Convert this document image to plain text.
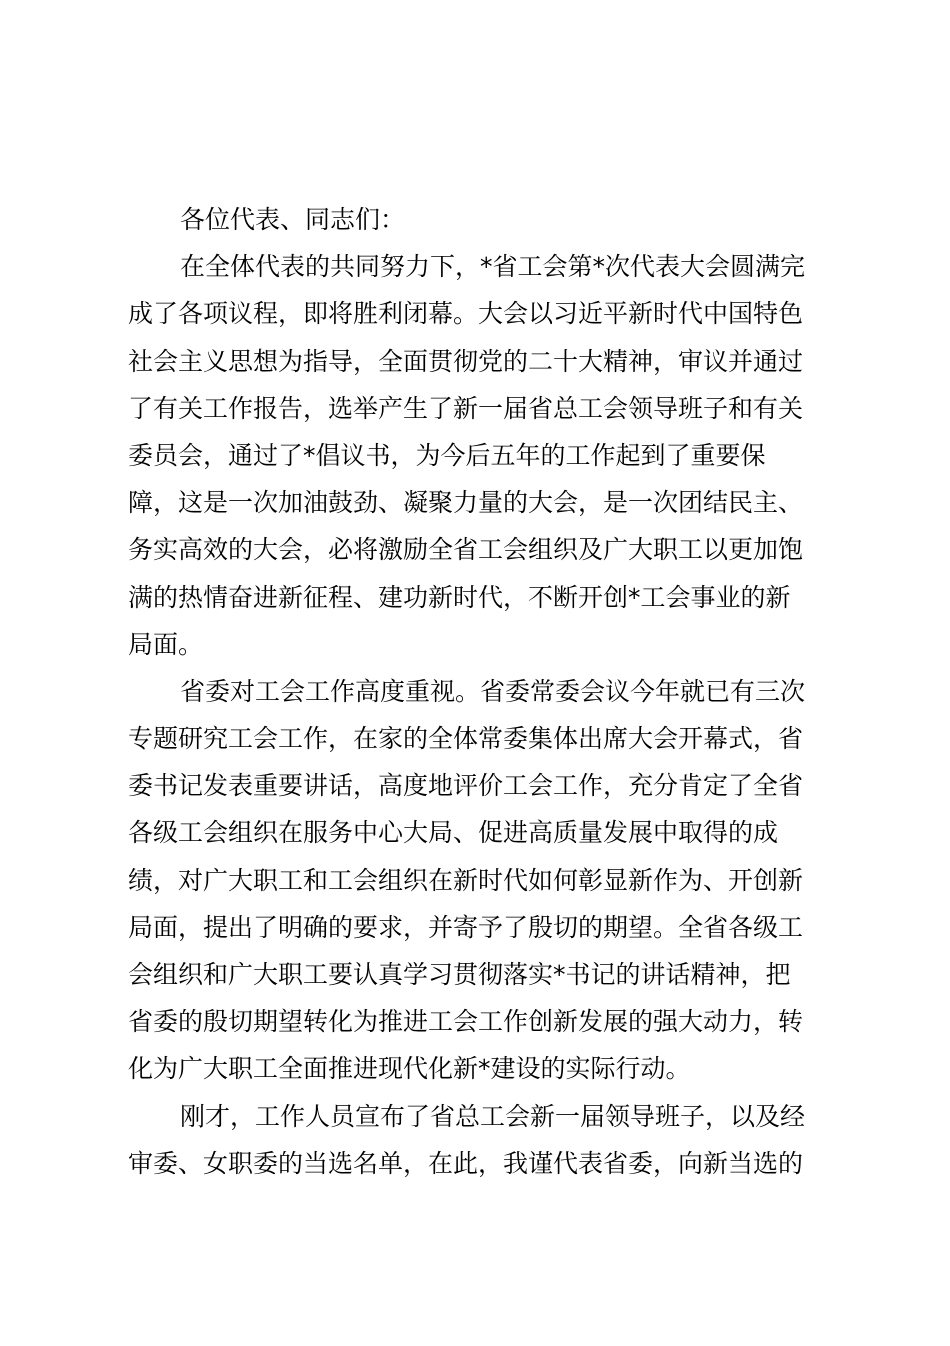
各位代表、同志们：
在全体代表的共同努力下，*省工会第*次代表大会圆满完
成了各项议程，即将胜利闭幕。大会以习近平新时代中国特色
社会主义思想为指导，全面贯彻党的二十大精神，审议并通过
了有关工作报告，选举产生了新一届省总工会领导班子和有关
委员会，通过了*倡议书，为今后五年的工作起到了重要保
障，这是一次加油鼓劲、凝聚力量的大会，是一次团结民主、
务实高效的大会，必将激励全省工会组织及广大职工以更加饱
满的热情奋进新征程、建功新时代，不断开创*工会事业的新
局面。
省委对工会工作高度重视。省委常委会议今年就已有三次
专题研究工会工作，在家的全体常委集体出席大会开幕式，省
委书记发表重要讲话，高度地评价工会工作，充分肯定了全省
各级工会组织在服务中心大局、促进高质量发展中取得的成
绩，对广大职工和工会组织在新时代如何彰显新作为、开创新
局面，提出了明确的要求，并寄予了殷切的期望。全省各级工
会组织和广大职工要认真学习贯彻落实*书记的讲话精神，把
省委的殷切期望转化为推进工会工作创新发展的强大动力，转
化为广大职工全面推进现代化新*建设的实际行动。
刚才，工作人员宣布了省总工会新一届领导班子，以及经
审委、女职委的当选名单，在此，我谨代表省委，向新当选的
